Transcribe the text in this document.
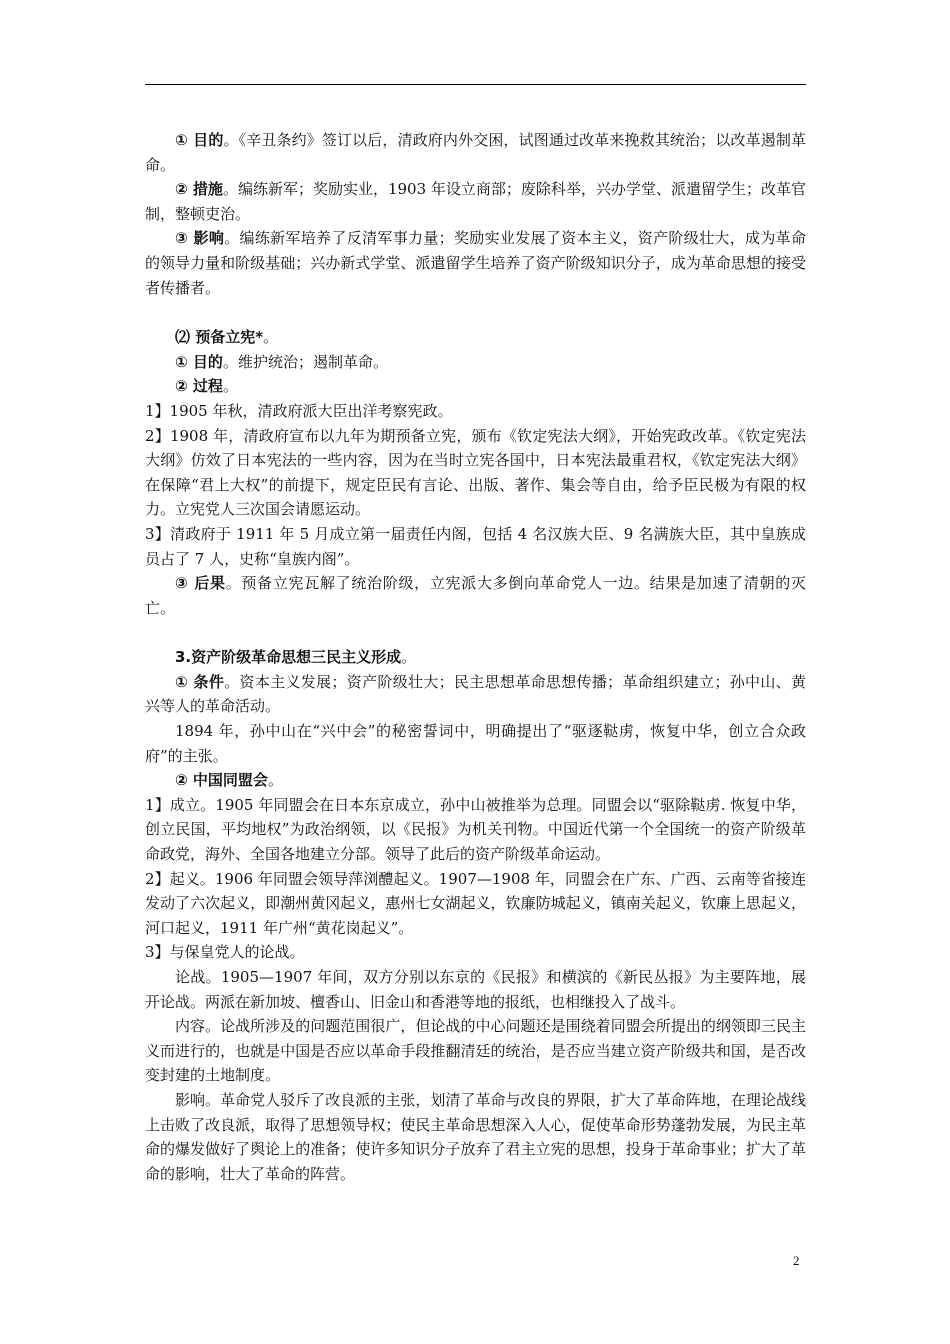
① 目的。《辛丑条约》签订以后，清政府内外交困，试图通过改革来挽救其统治；以改革遏制革命。

② 措施。编练新军；奖励实业，1903 年设立商部；废除科举，兴办学堂、派遣留学生；改革官制，整顿吏治。

③ 影响。编练新军培养了反清军事力量；奖励实业发展了资本主义，资产阶级壮大，成为革命的领导力量和阶级基础；兴办新式学堂、派遣留学生培养了资产阶级知识分子，成为革命思想的接受者传播者。

⑵ 预备立宪*。

① 目的。维护统治；遏制革命。

② 过程。

1】1905 年秋，清政府派大臣出洋考察宪政。

2】1908 年，清政府宣布以九年为期预备立宪，颁布《钦定宪法大纲》，开始宪政改革。《钦定宪法大纲》仿效了日本宪法的一些内容，因为在当时立宪各国中，日本宪法最重君权，《钦定宪法大纲》在保障“君上大权”的前提下，规定臣民有言论、出版、著作、集会等自由，给予臣民极为有限的权力。立宪党人三次国会请愿运动。

3】清政府于 1911 年 5 月成立第一届责任内阁，包括 4 名汉族大臣、9 名满族大臣，其中皇族成员占了 7 人，史称“皇族内阁”。

③ 后果。预备立宪瓦解了统治阶级，立宪派大多倒向革命党人一边。结果是加速了清朝的灭亡。

3.资产阶级革命思想三民主义形成。

① 条件。资本主义发展；资产阶级壮大；民主思想革命思想传播；革命组织建立；孙中山、黄兴等人的革命活动。

1894 年，孙中山在“兴中会”的秘密誓词中，明确提出了“驱逐鞑虏，恢复中华，创立合众政府”的主张。

② 中国同盟会。

1】成立。1905 年同盟会在日本东京成立，孙中山被推举为总理。同盟会以“驱除鞑虏. 恢复中华，创立民国，平均地权”为政治纲领，以《民报》为机关刊物。中国近代第一个全国统一的资产阶级革命政党，海外、全国各地建立分部。领导了此后的资产阶级革命运动。

2】起义。1906 年同盟会领导萍浏醴起义。1907—1908 年，同盟会在广东、广西、云南等省接连发动了六次起义，即潮州黄冈起义，惠州七女湖起义，钦廉防城起义，镇南关起义，钦廉上思起义，河口起义，1911 年广州“黄花岗起义”。

3】与保皇党人的论战。

论战。1905—1907 年间，双方分别以东京的《民报》和横滨的《新民丛报》为主要阵地，展开论战。两派在新加坡、檀香山、旧金山和香港等地的报纸，也相继投入了战斗。

内容。论战所涉及的问题范围很广，但论战的中心问题还是围绕着同盟会所提出的纲领即三民主义而进行的，也就是中国是否应以革命手段推翻清廷的统治，是否应当建立资产阶级共和国，是否改变封建的土地制度。

影响。革命党人驳斥了改良派的主张，划清了革命与改良的界限，扩大了革命阵地，在理论战线上击败了改良派，取得了思想领导权；使民主革命思想深入人心，促使革命形势蓬勃发展，为民主革命的爆发做好了舆论上的准备；使许多知识分子放弃了君主立宪的思想，投身于革命事业；扩大了革命的影响，壮大了革命的阵营。

2
